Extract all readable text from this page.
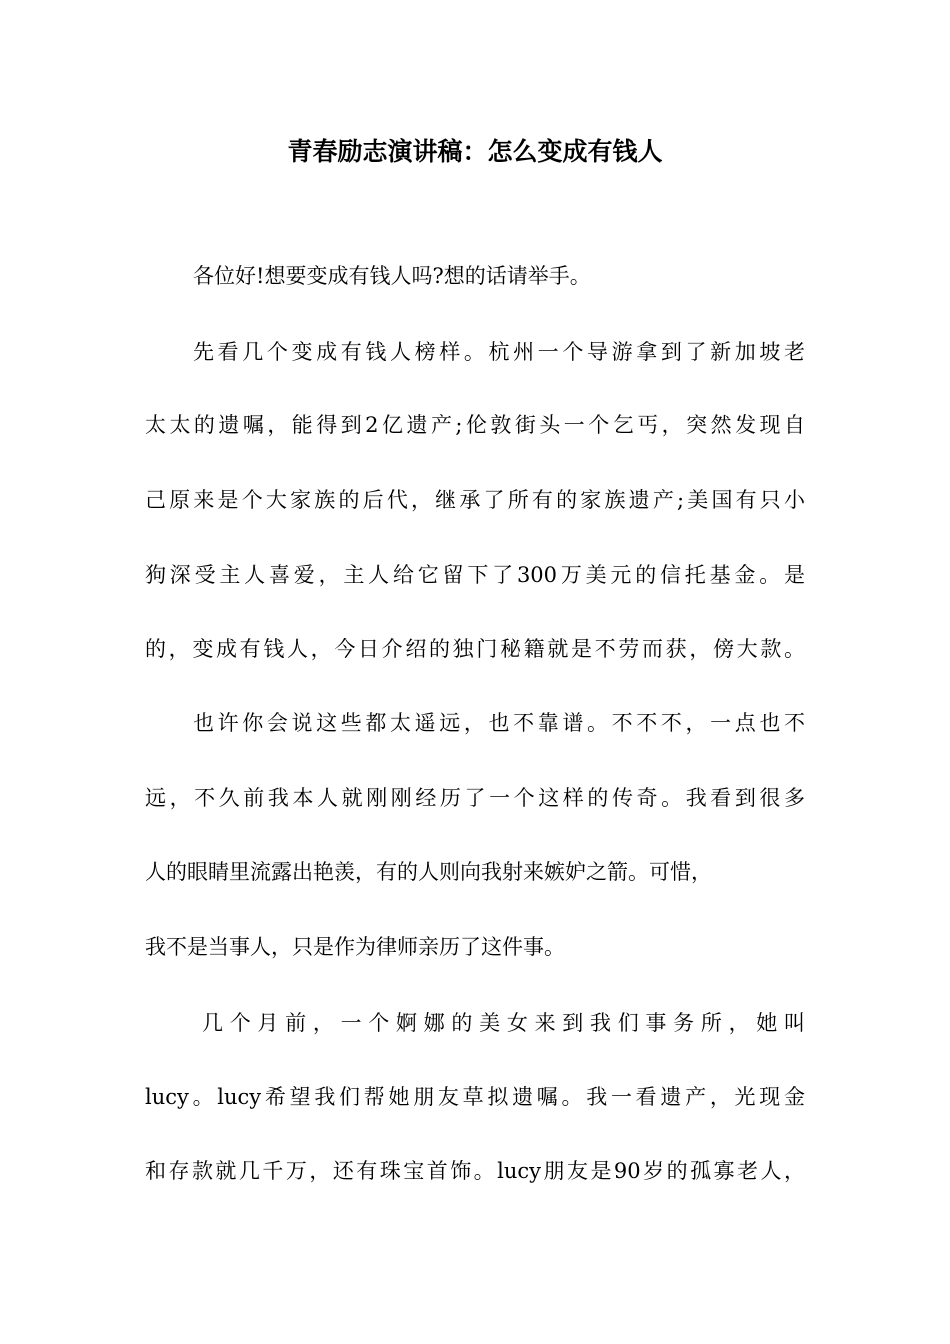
青春励志演讲稿：怎么变成有钱人
各位好!想要变成有钱人吗?想的话请举手。
先看几个变成有钱人榜样。杭州一个导游拿到了新加坡老
太太的遗嘱，能得到2亿遗产;伦敦街头一个乞丐，突然发现自
己原来是个大家族的后代，继承了所有的家族遗产;美国有只小
狗深受主人喜爱，主人给它留下了300万美元的信托基金。是
的，变成有钱人，今日介绍的独门秘籍就是不劳而获，傍大款。
也许你会说这些都太遥远，也不靠谱。不不不，一点也不
远，不久前我本人就刚刚经历了一个这样的传奇。我看到很多
人的眼睛里流露出艳羡，有的人则向我射来嫉妒之箭。可惜，
我不是当事人，只是作为律师亲历了这件事。
几个月前，一个婀娜的美女来到我们事务所，她叫
lucy。lucy希望我们帮她朋友草拟遗嘱。我一看遗产，光现金
和存款就几千万，还有珠宝首饰。lucy朋友是90岁的孤寡老人，
